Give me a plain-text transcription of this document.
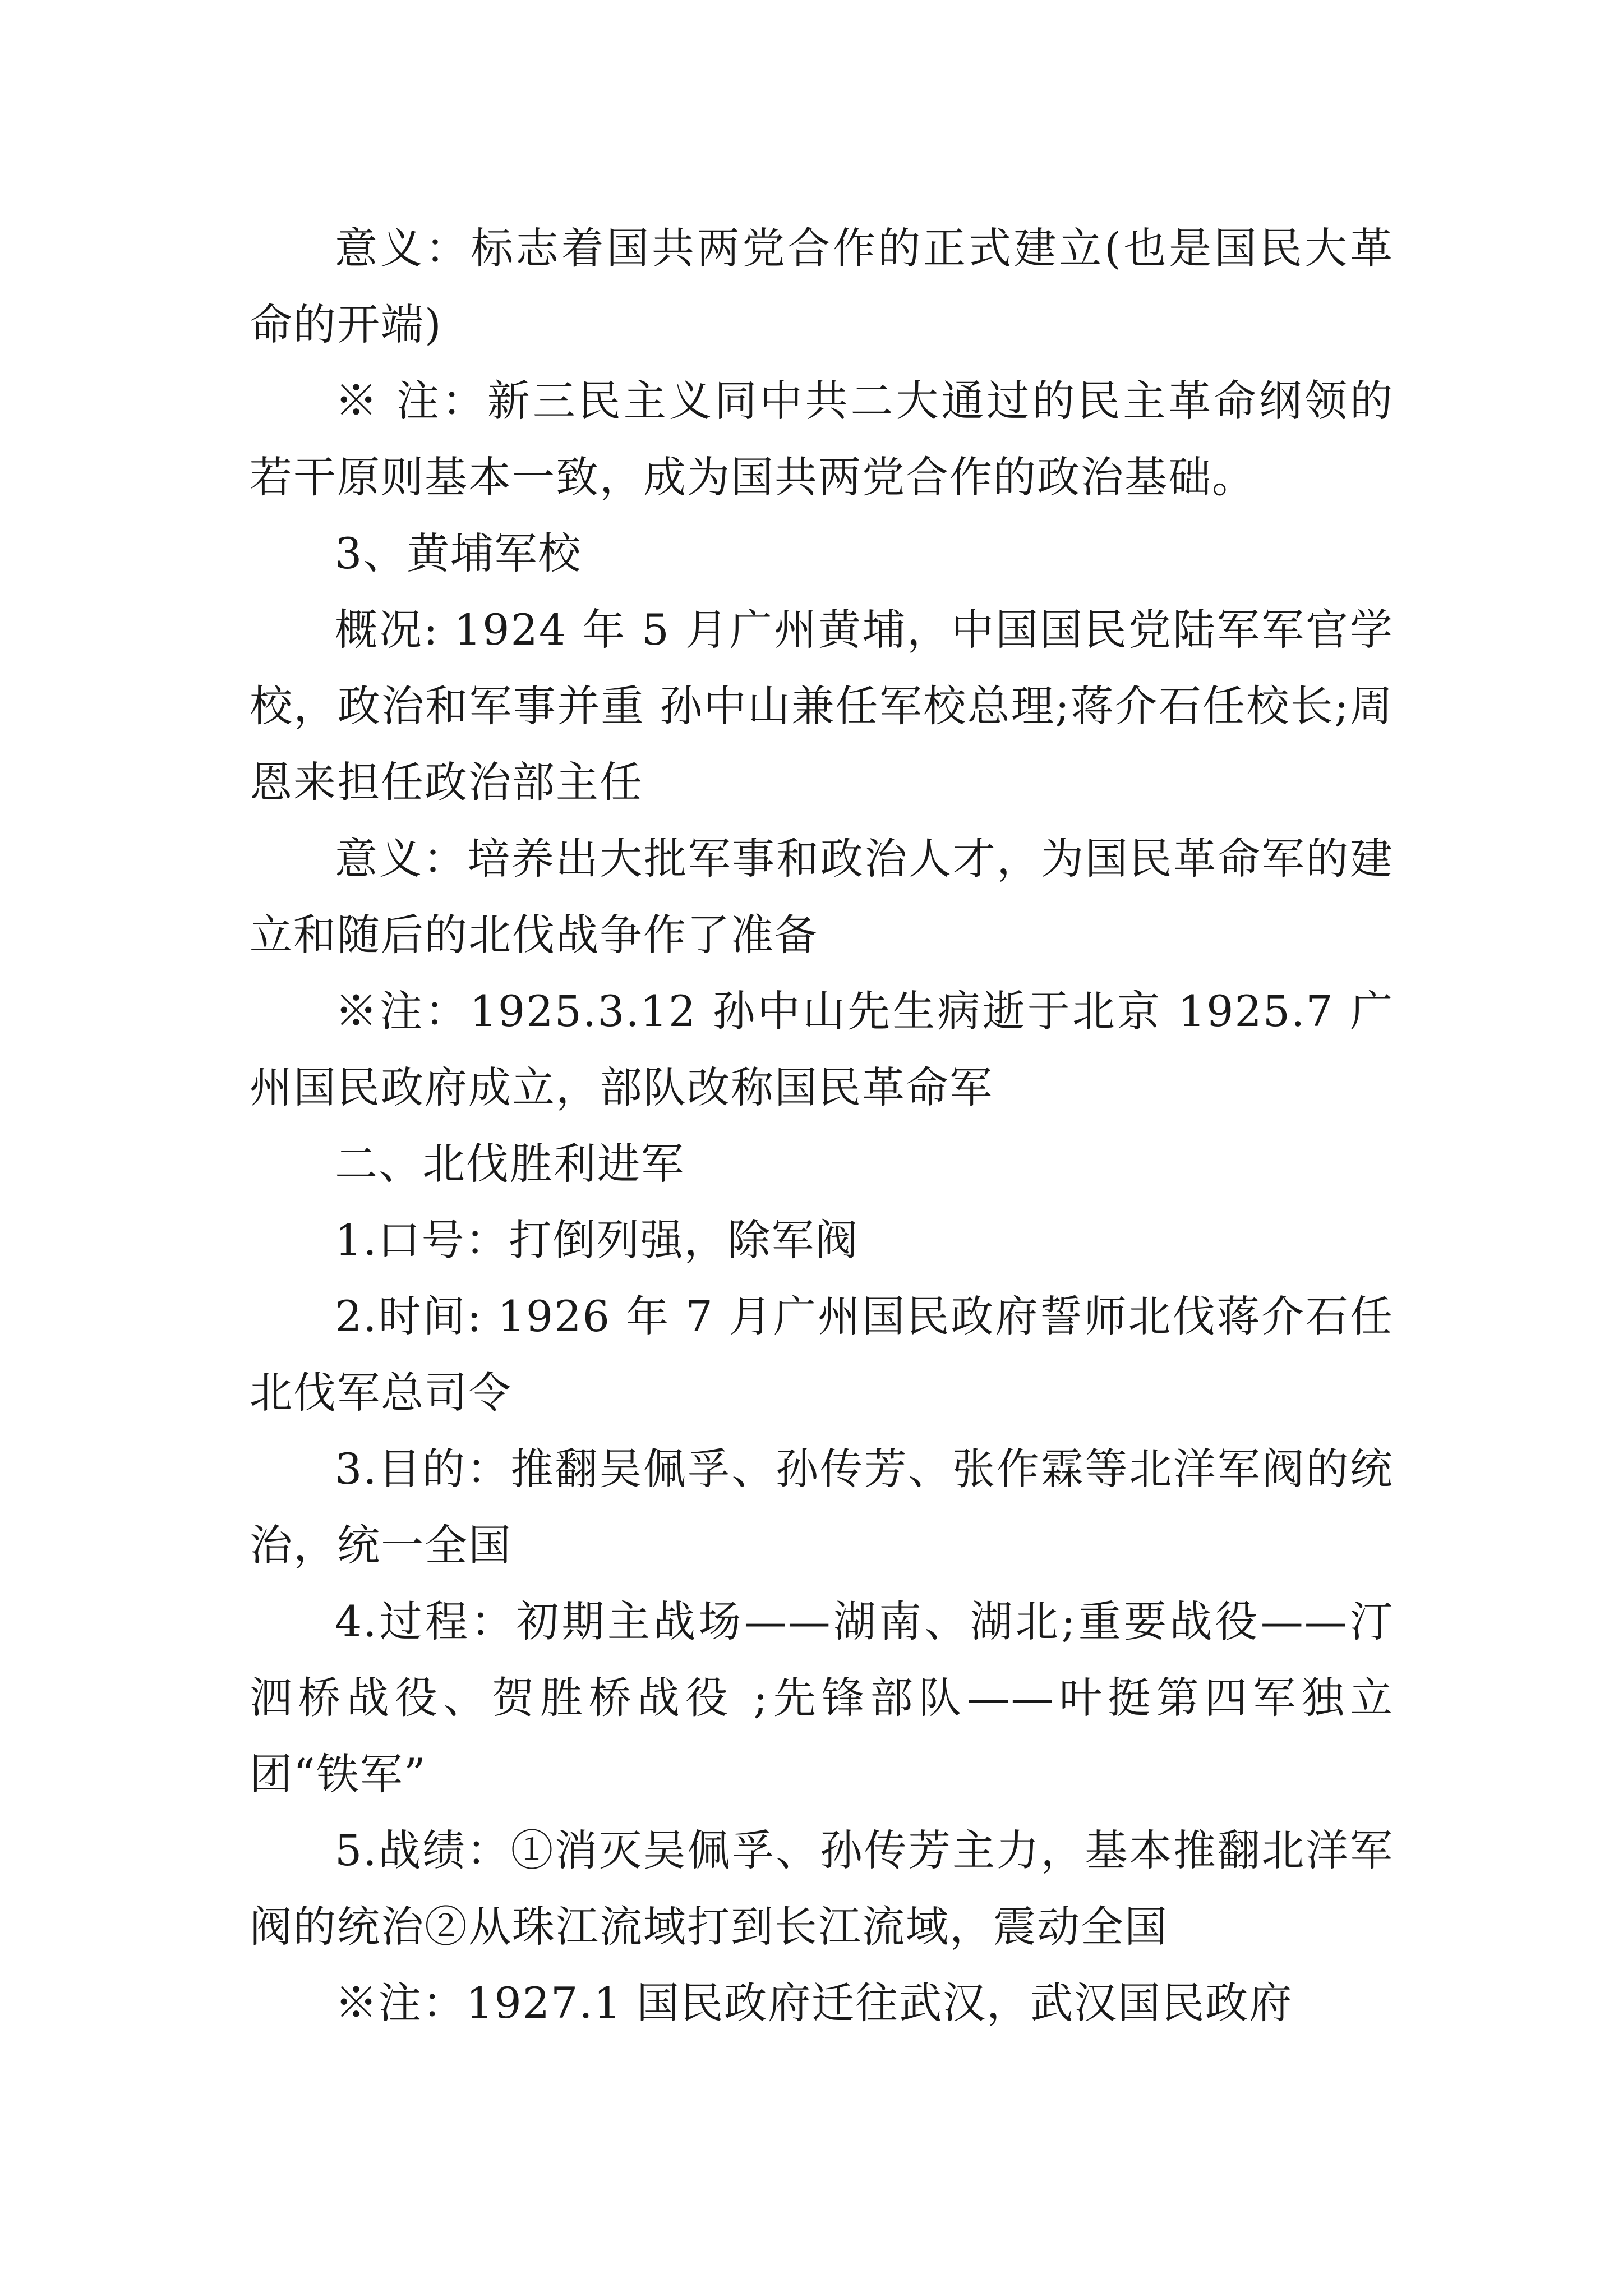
意义：标志着国共两党合作的正式建立(也是国民大革命的开端)

※ 注：新三民主义同中共二大通过的民主革命纲领的若干原则基本一致，成为国共两党合作的政治基础。

3、黄埔军校

概况: 1924 年 5 月广州黄埔，中国国民党陆军军官学校，政治和军事并重 孙中山兼任军校总理;蒋介石任校长;周恩来担任政治部主任

意义：培养出大批军事和政治人才，为国民革命军的建立和随后的北伐战争作了准备

※注：1925.3.12 孙中山先生病逝于北京 1925.7 广州国民政府成立，部队改称国民革命军

二、北伐胜利进军

1.口号：打倒列强，除军阀

2.时间: 1926 年 7 月广州国民政府誓师北伐蒋介石任北伐军总司令

3.目的：推翻吴佩孚、孙传芳、张作霖等北洋军阀的统治，统一全国

4.过程：初期主战场——湖南、湖北;重要战役——汀泗桥战役、贺胜桥战役 ;先锋部队——叶挺第四军独立团“铁军”

5.战绩：①消灭吴佩孚、孙传芳主力，基本推翻北洋军阀的统治②从珠江流域打到长江流域，震动全国

※注：1927.1 国民政府迁往武汉，武汉国民政府
